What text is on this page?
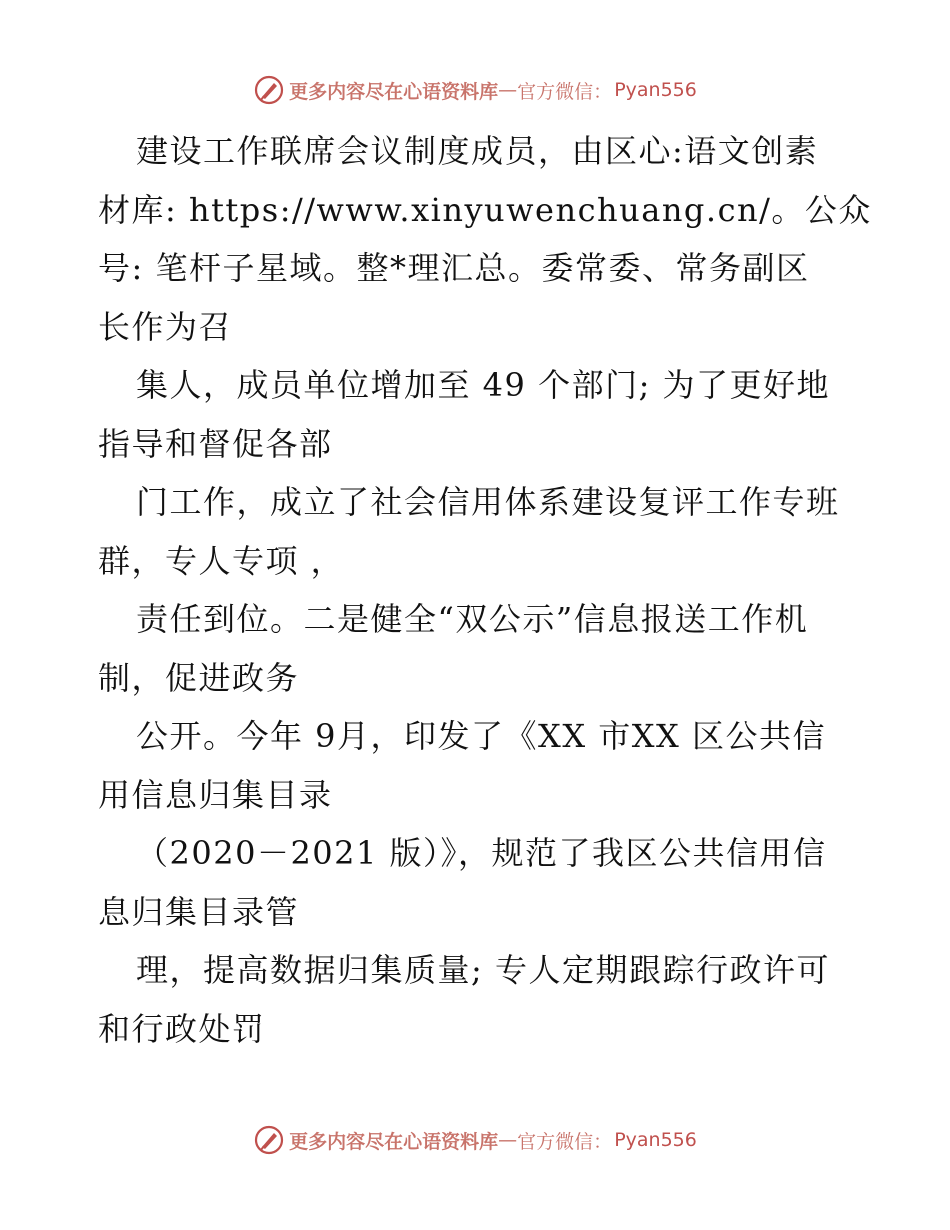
更多内容尽在心语资料库 — 官方微信： Pyan556

建设工作联席会议制度成员，由区心:语文创素
材库: https://www.xinyuwenchuang.cn/。公众
号: 笔杆子星域。整*理汇总。委常委、常务副区
长作为召

集人，成员单位增加至 49 个部门; 为了更好地
指导和督促各部

门工作，成立了社会信用体系建设复评工作专班
群，专人专项 ，

责任到位。二是健全“双公示”信息报送工作机
制，促进政务

公开。今年 9月，印发了《XX 市XX 区公共信
用信息归集目录

（2020－2021 版）》，规范了我区公共信用信
息归集目录管

理，提高数据归集质量; 专人定期跟踪行政许可
和行政处罚

更多内容尽在心语资料库 — 官方微信： Pyan556
